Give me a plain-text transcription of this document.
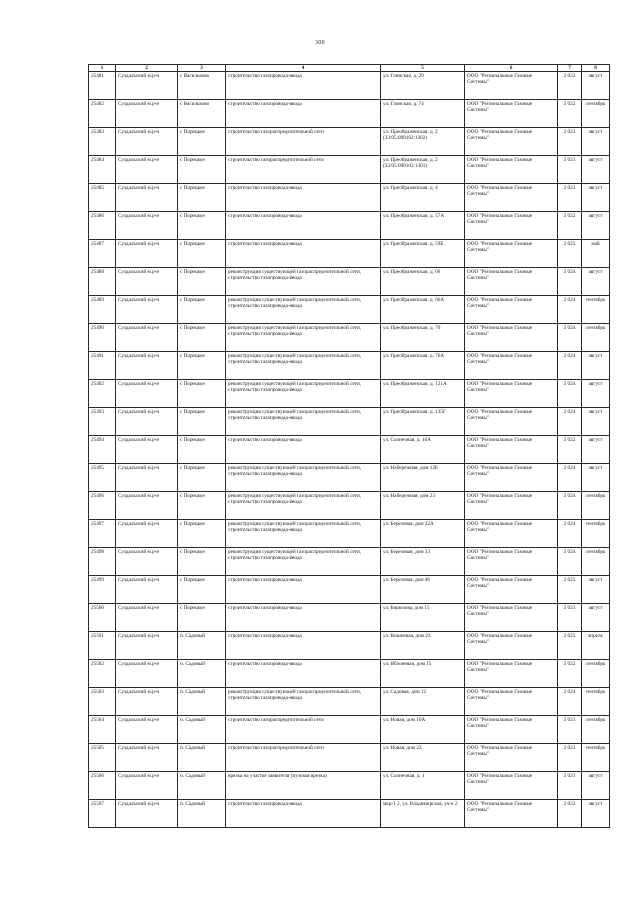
300
1	2	3	4	5	6	7	8
25481	Суздальский м.р-н	с Васильково	строительство газопровода-ввода	ул. Глинская, д. 29	ООО "Региональные Газовые Системы"	2 022	август
25482	Суздальский м.р-н	с Васильково	строительство газопровода-ввода	ул. Глинская, д. 74	ООО "Региональные Газовые Системы"	2 022	сентябрь
25483	Суздальский м.р-н	с Порецкое	строительство газораспределительной сети	ул. Преображенская, д. 2 (33:05:090102:1302)	ООО "Региональные Газовые Системы"	2 023	август
25484	Суздальский м.р-н	с Порецкое	строительство газораспределительной сети	ул. Преображенская, д. 2 (33:05:090102:1301)	ООО "Региональные Газовые Системы"	2 023	август
25485	Суздальский м.р-н	с Порецкое	строительство газопровода-ввода	ул. Преображенская, д. 4	ООО "Региональные Газовые Системы"	2 023	август
25486	Суздальский м.р-н	с Порецкое	строительство газопровода-ввода	ул. Преображенская, д. 57А	ООО "Региональные Газовые Системы"	2 022	август
25487	Суздальский м.р-н	с Порецкое	строительство газопровода-ввода	ул. Преображенская, д. 59Б	ООО "Региональные Газовые Системы"	2 025	май
25488	Суздальский м.р-н	с Порецкое	реконструкция существующей газораспределительной сети, строительство газопровода-ввода	ул. Преображенская, д. 66	ООО "Региональные Газовые Системы"	2 024	август
25489	Суздальский м.р-н	с Порецкое	реконструкция существующей газораспределительной сети, строительство газопровода-ввода	ул. Преображенская, д. 66А	ООО "Региональные Газовые Системы"	2 024	сентябрь
25490	Суздальский м.р-н	с Порецкое	реконструкция существующей газораспределительной сети, строительство газопровода-ввода	ул. Преображенская, д. 70	ООО "Региональные Газовые Системы"	2 024	сентябрь
25491	Суздальский м.р-н	с Порецкое	реконструкция существующей газораспределительной сети, строительство газопровода-ввода	ул. Преображенская, д. 76А	ООО "Региональные Газовые Системы"	2 024	август
25492	Суздальский м.р-н	с Порецкое	реконструкция существующей газораспределительной сети, строительство газопровода-ввода	ул. Преображенская, д. 121А	ООО "Региональные Газовые Системы"	2 024	август
25493	Суздальский м.р-н	с Порецкое	реконструкция существующей газораспределительной сети, строительство газопровода-ввода	ул. Преображенская, д. 135Г	ООО "Региональные Газовые Системы"	2 024	август
25494	Суздальский м.р-н	с Порецкое	строительство газопровода-ввода	ул. Солнечная, д. 10А	ООО "Региональные Газовые Системы"	2 022	август
25495	Суздальский м.р-н	с Порецкое	реконструкция существующей газораспределительной сети, строительство газопровода-ввода	ул. Набережная, дом 12Б	ООО "Региональные Газовые Системы"	2 024	август
25496	Суздальский м.р-н	с Порецкое	реконструкция существующей газораспределительной сети, строительство газопровода-ввода	ул. Набережная, дом 23	ООО "Региональные Газовые Системы"	2 024	сентябрь
25497	Суздальский м.р-н	с Порецкое	реконструкция существующей газораспределительной сети, строительство газопровода-ввода	ул. Березовая, дом 32А	ООО "Региональные Газовые Системы"	2 024	сентябрь
25498	Суздальский м.р-н	с Порецкое	реконструкция существующей газораспределительной сети, строительство газопровода-ввода	ул. Березовая, дом 33	ООО "Региональные Газовые Системы"	2 024	сентябрь
25499	Суздальский м.р-н	с Порецкое	строительство газопровода-ввода	ул. Березовая, дом 46	ООО "Региональные Газовые Системы"	2 025	август
25500	Суздальский м.р-н	с Порецкое	строительство газопровода-ввода	ул. Бирюзова, дом 15	ООО "Региональные Газовые Системы"	2 023	август
25501	Суздальский м.р-н	п. Садовый	строительство газопровода-ввода	ул. Вишневая, дом 23	ООО "Региональные Газовые Системы"	2 025	апрель
25502	Суздальский м.р-н	п. Садовый	строительство газопровода-ввода	ул. Яблоневая, дом 15	ООО "Региональные Газовые Системы"	2 022	сентябрь
25503	Суздальский м.р-н	п. Садовый	реконструкция существующей газораспределительной сети, строительство газопровода-ввода	ул. Садовая, дом 12	ООО "Региональные Газовые Системы"	2 024	сентябрь
25504	Суздальский м.р-н	п. Садовый	строительство газораспределительной сети	ул. Новая, дом 10А	ООО "Региональные Газовые Системы"	2 023	сентябрь
25505	Суздальский м.р-н	п. Садовый	строительство газораспределительной сети	ул. Новая, дом 22	ООО "Региональные Газовые Системы"	2 023	сентябрь
25506	Суздальский м.р-н	п. Садовый	врезка на участке заявителя (пузовая врезка)	ул. Солнечная, д. 1	ООО "Региональные Газовые Системы"	2 021	август
25507	Суздальский м.р-н	п. Садовый	строительство газопровода-ввода	мкр-1 2, ул. Владимирская, уч-к 2	ООО "Региональные Газовые Системы"	2 022	август
